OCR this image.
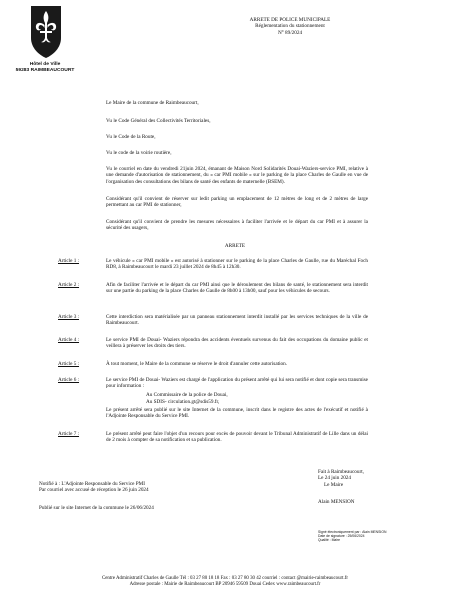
Hôtel de Ville
59283 RAIMBEAUCOURT
ARRETE DE POLICE MUNICIPALE
Réglementation du stationnement
N° 89/2024
Le Maire de la commune de Raimbeaucourt,
Vu le Code Général des Collectivités Territoriales,
Vu le Code de la Route,
Vu le code de la voirie routière,
Vu le courriel en date du vendredi 21juin 2024, émanant de Maison Nord Solidarités Douai-Waziers-service PMI, relative à une demande d'autorisation de stationnement, du « car PMI mobile » sur le parking de la place Charles de Gaulle en vue de l'organisation des consultations des bilans de santé des enfants de maternelle (BSEM).
Considérant qu'il convient de réserver sur ledit parking un emplacement de 12 mètres de long et de 2 mètres de large permettant au car PMI de stationner,
Considérant qu'il convient de prendre les mesures nécessaires à faciliter l'arrivée et le départ du car PMI et à assurer la sécurité des usagers,
ARRETE
Article 1 :	Le véhicule « car PMI mobile » est autorisé à stationner sur le parking de la place Charles de Gaulle, rue du Maréchal Foch RD8, à Raimbeaucourt le mardi 23 juillet 2024 de 8h45 à 12h30.
Article 2 :	Afin de faciliter l'arrivée et le départ du car PMI ainsi que le déroulement des bilans de santé, le stationnement sera interdit sur une partie du parking de la place Charles de Gaulle de 8h00 à 13h00, sauf pour les véhicules de secours.
Article 3 :	Cette interdiction sera matérialisée par un panneau stationnement interdit installé par les services techniques de la ville de Raimbeaucourt.
Article 4 :	Le service PMI de Douai- Waziers répondra des accidents éventuels survenus du fait des occupations du domaine public et veillera à préserver les droits des tiers.
Article 5 :	À tout moment, le Maire de la commune se réserve le droit d'annuler cette autorisation.
Article 6 :	Le service PMI de Douai- Waziers est chargé de l'application du présent arrêté qui lui sera notifié et dont copie sera transmise pour information :
Au Commissaire de la police de Douai,
Au SDIS- circulation.gt@sdis59.fr,
Le présent arrêté sera publié sur le site Internet de la commune, inscrit dans le registre des actes de l'exécutif et notifié à l'Adjointe Responsable du Service PMI.
Article 7 :	Le présent arrêté peut faire l'objet d'un recours pour excès de pouvoir devant le Tribunal Administratif de Lille dans un délai de 2 mois à compter de sa notification et sa publication.
Fait à Raimbeaucourt,
Le 24 juin 2024
Le Maire
Alain MENSION
Notifié à : L'Adjointe Responsable du Service PMI
Par courriel avec accusé de réception le 26 juin 2024
Publié sur le site Internet de la commune le 26/06/2024
Signé électroniquement par : Alain MENSION
Date de signature : 25/06/2024
Qualité : Maire
Centre Administratif Charles de Gaulle Tél : 03 27 80 18 18 Fax : 03 27 80 30 42 courriel : contact @mairie-raimbeaucourt.fr
Adresse postale : Mairie de Raimbeaucourt BP 20946 59509 Douai Cedex www.raimbeaucourt.fr
